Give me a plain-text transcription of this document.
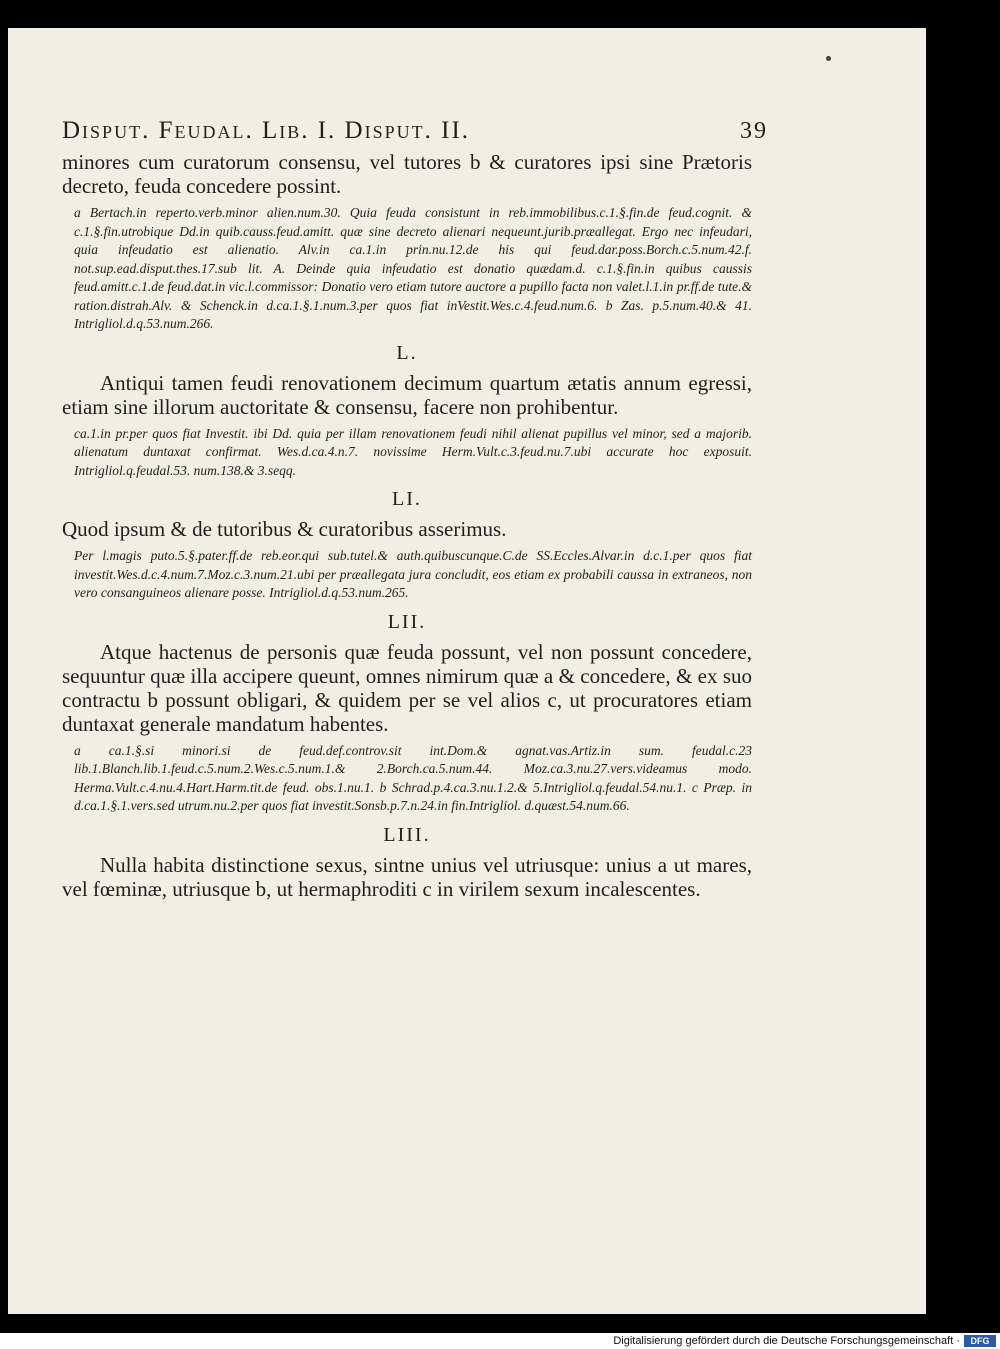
Disput. Feudal. Lib. I. Disput. II.	39

minores cum curatorum consensu, vel tutores b & curatores ipsi sine Prætoris decreto, feuda concedere possint.

a Bertach.in reperto.verb.minor alien.num.30. Quia feuda consistunt in reb.immobilibus.c.1.§.fin.de feud.cognit. & c.1.§.fin.utrobique Dd.in quib.causs.feud.amitt. quæ sine decreto alienari nequeunt.jurib.præallegat. Ergo nec infeudari, quia infeudatio est alienatio. Alv.in ca.1.in prin.nu.12.de his qui feud.dar.poss.Borch.c.5.num.42.f. not.sup.ead.disput.thes.17.sub lit. A. Deinde quia infeudatio est donatio quædam.d. c.1.§.fin.in quibus caussis feud.amitt.c.1.de feud.dat.in vic.l.commissor: Donatio vero etiam tutore auctore a pupillo facta non valet.l.1.in pr.ff.de tute.& ration.distrah.Alv. & Schenck.in d.ca.1.§.1.num.3.per quos fiat inVestit.Wes.c.4.feud.num.6. b Zas. p.5.num.40.& 41. Intrigliol.d.q.53.num.266.

L.

Antiqui tamen feudi renovationem decimum quartum ætatis annum egressi, etiam sine illorum auctoritate & consensu, facere non prohibentur.

ca.1.in pr.per quos fiat Investit. ibi Dd. quia per illam renovationem feudi nihil alienat pupillus vel minor, sed a majorib. alienatum duntaxat confirmat. Wes.d.ca.4.n.7. novissime Herm.Vult.c.3.feud.nu.7.ubi accurate hoc exposuit. Intrigliol.q.feudal.53. num.138.& 3.seqq.

LI.

Quod ipsum & de tutoribus & curatoribus asserimus.

Per l.magis puto.5.§.pater.ff.de reb.eor.qui sub.tutel.& auth.quibuscunque.C.de SS.Eccles.Alvar.in d.c.1.per quos fiat investit.Wes.d.c.4.num.7.Moz.c.3.num.21.ubi per præallegata jura concludit, eos etiam ex probabili caussa in extraneos, non vero consanguineos alienare posse. Intrigliol.d.q.53.num.265.

LII.

Atque hactenus de personis quæ feuda possunt, vel non possunt concedere, sequuntur quæ illa accipere queunt, omnes nimirum quæ a & concedere, & ex suo contractu b possunt obligari, & quidem per se vel alios c, ut procuratores etiam duntaxat generale mandatum habentes.

a ca.1.§.si minori.si de feud.def.controv.sit int.Dom.& agnat.vas.Artiz.in sum. feudal.c.23 lib.1.Blanch.lib.1.feud.c.5.num.2.Wes.c.5.num.1.& 2.Borch.ca.5.num.44. Moz.ca.3.nu.27.vers.videamus modo. Herma.Vult.c.4.nu.4.Hart.Harm.tit.de feud. obs.1.nu.1. b Schrad.p.4.ca.3.nu.1.2.& 5.Intrigliol.q.feudal.54.nu.1. c Præp. in d.ca.1.§.1.vers.sed utrum.nu.2.per quos fiat investit.Sonsb.p.7.n.24.in fin.Intrigliol. d.quæst.54.num.66.

LIII.

Nulla habita distinctione sexus, sintne unius vel utriusque: unius a ut mares, vel fœminæ, utriusque b, ut hermaphroditi c in virilem sexum incalescentes.

Digitalisierung gefördert durch die Deutsche Forschungsgemeinschaft ·	DFG
